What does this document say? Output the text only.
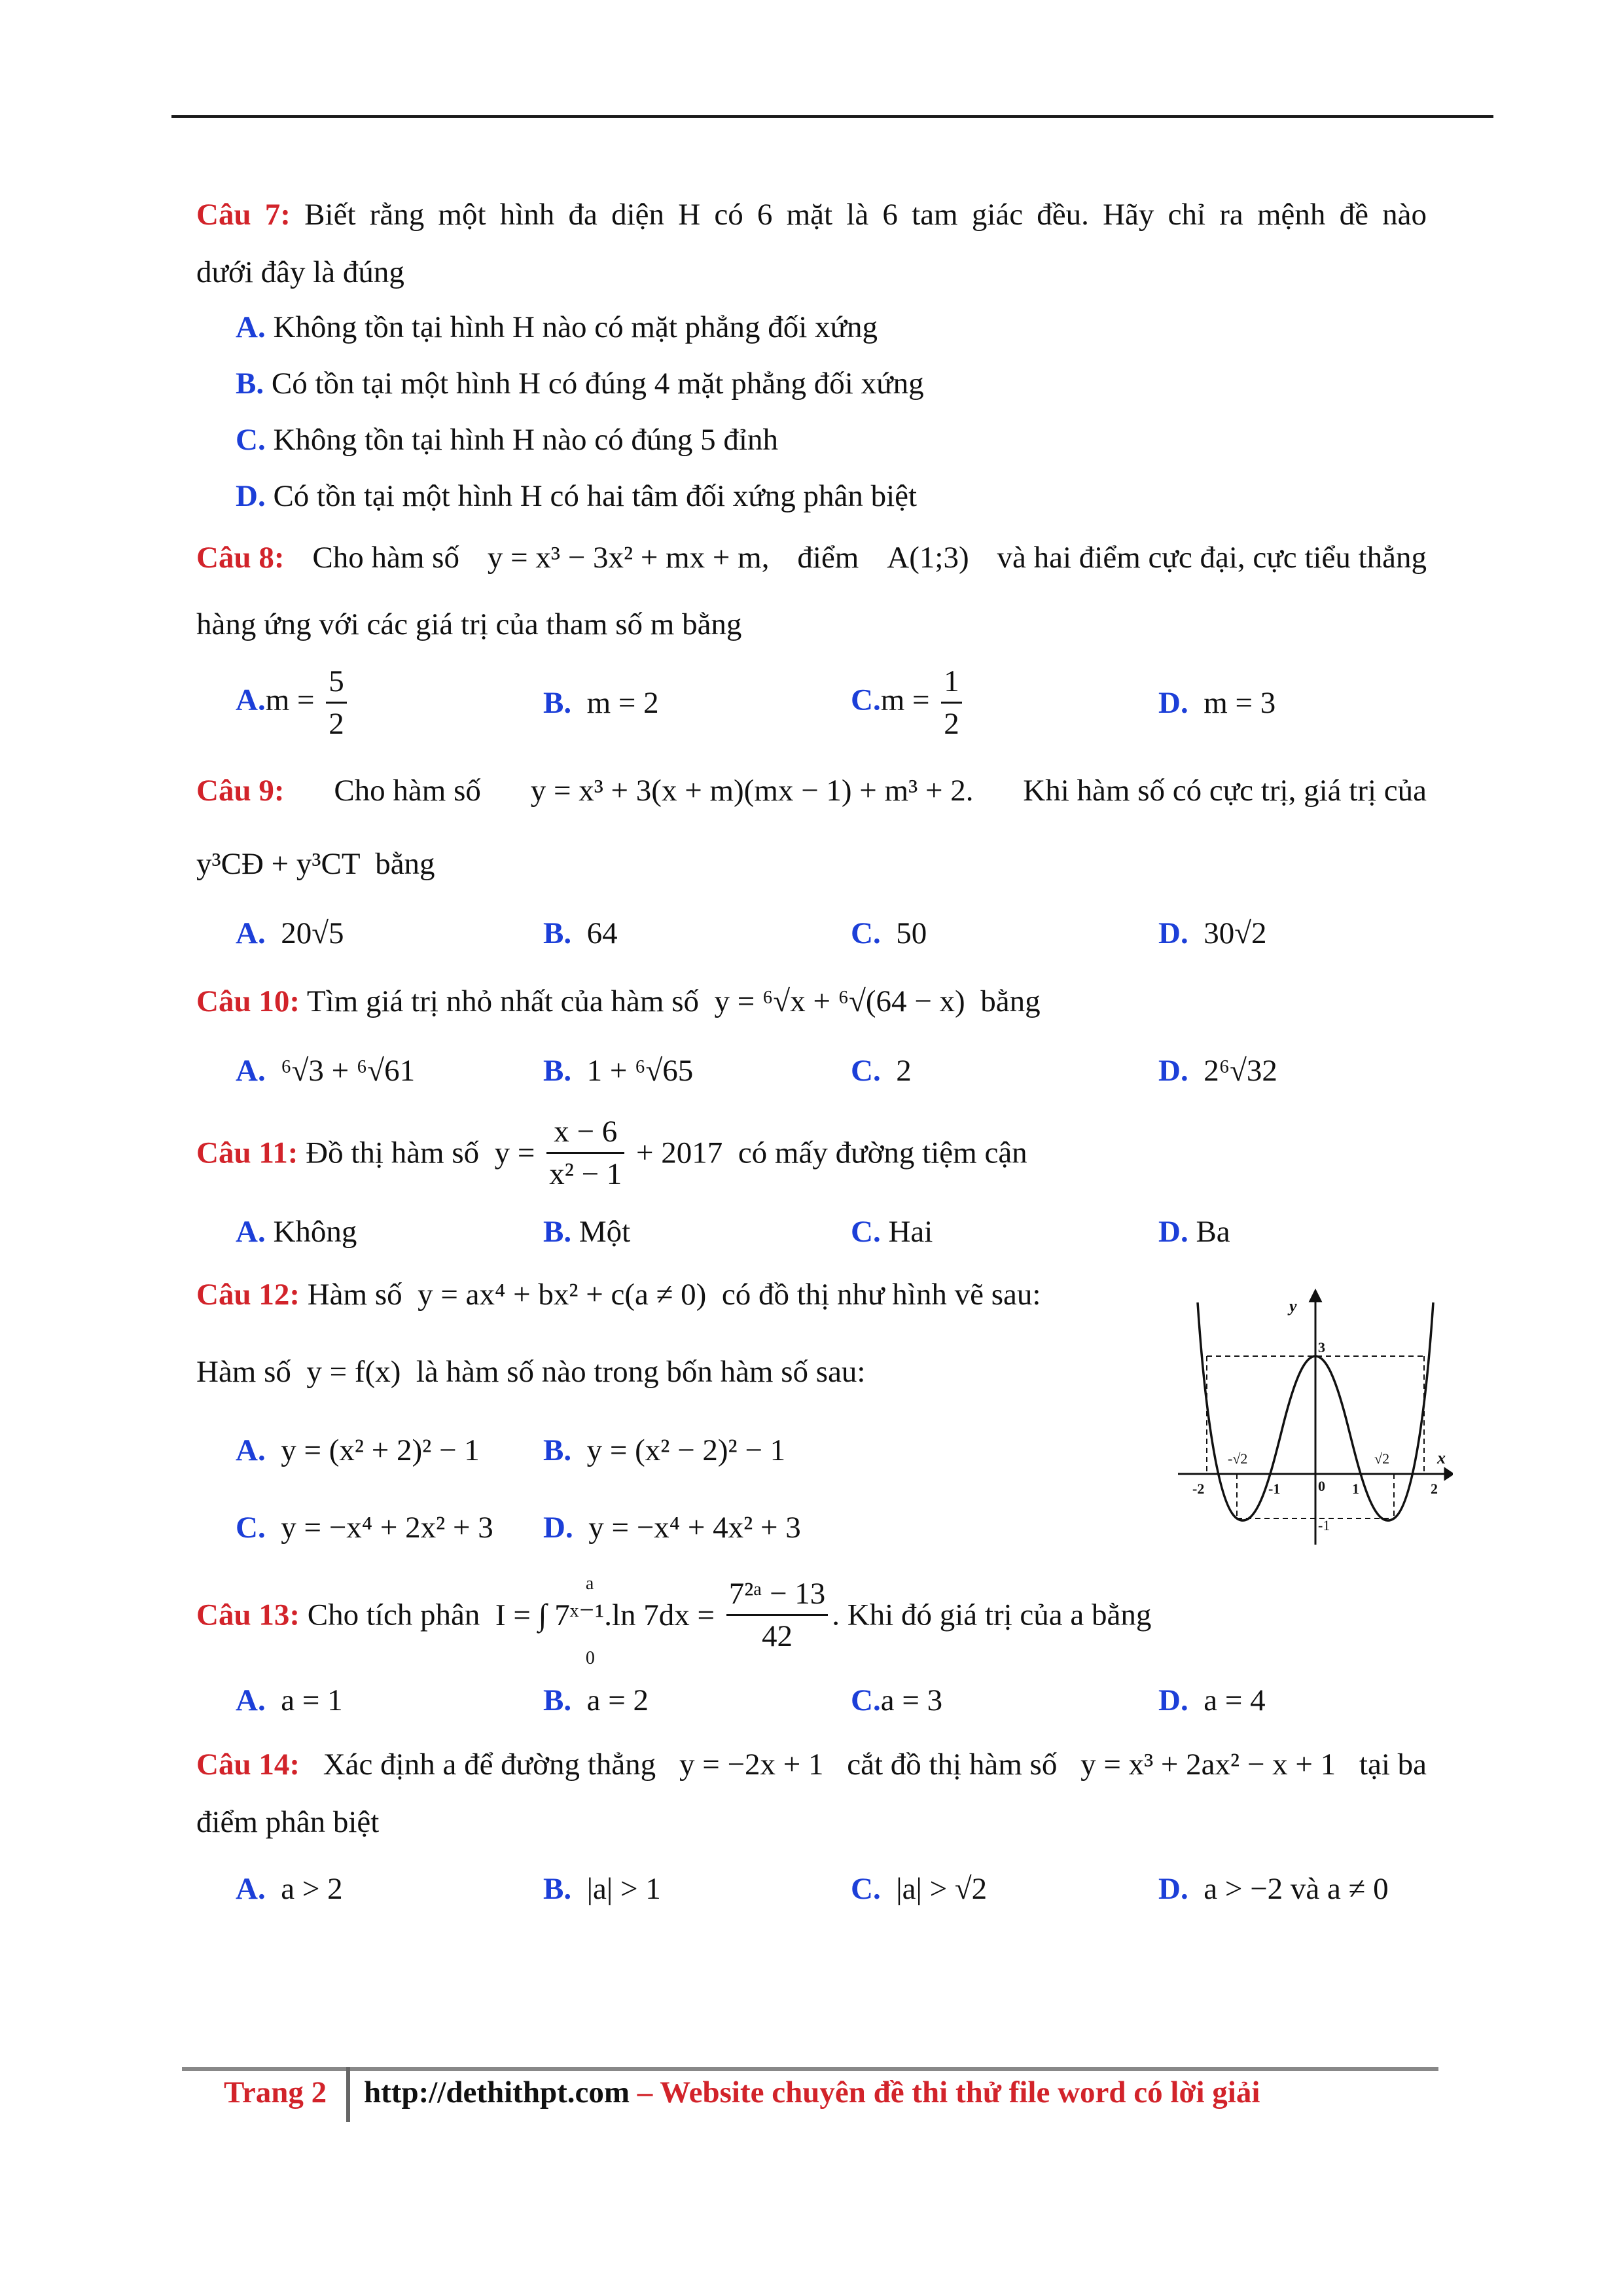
Câu 7: Biết rằng một hình đa diện H có 6 mặt là 6 tam giác đều. Hãy chỉ ra mệnh đề nào
dưới đây là đúng
A. Không tồn tại hình H nào có mặt phẳng đối xứng
B. Có tồn tại một hình H có đúng 4 mặt phẳng đối xứng
C. Không tồn tại hình H nào có đúng 5 đỉnh
D. Có tồn tại một hình H có hai tâm đối xứng phân biệt
Câu 8: Cho hàm số y = x³ − 3x² + mx + m, điểm A(1;3) và hai điểm cực đại, cực tiểu thẳng
hàng ứng với các giá trị của tham số m bằng
$A.m = \frac{5}{2}$	B. m = 2	$C.m = \frac{1}{2}$	D. m = 3
Câu 9: Cho hàm số y = x³ + 3(x + m)(mx − 1) + m³ + 2. Khi hàm số có cực trị, giá trị của
y³CĐ + y³CT bằng
A. 20√5	B. 64	C. 50	D. 30√2
Câu 10: Tìm giá trị nhỏ nhất của hàm số y = ⁶√x + ⁶√(64 − x) bằng
A. ⁶√3 + ⁶√61	B. 1 + ⁶√65	C. 2	D. 2⁶√32
Câu 11: Đồ thị hàm số $y = \frac{x - 6}{\text{x² − 1}} + 2017$ có mấy đường tiệm cận
A. Không	B. Một	C. Hai	D. Ba
Câu 12: Hàm số y = ax⁴ + bx² + c(a ≠ 0) có đồ thị như hình vẽ sau:
Hàm số y = f(x) là hàm số nào trong bốn hàm số sau:
A. y = (x² + 2)² − 1 B. y = (x² − 2)² − 1
C. y = −x⁴ + 2x² + 3 D. y = −x⁴ + 4x² + 3
y
x
3
-1
-2
-√2
-1	0 1
√2
2
Câu 13: Cho tích phân I = ∫ 7ˣ⁻¹.ln 7dx =
a
0

$\frac{\text{7²ᵃ − 13}}{42}$ . Khi đó giá trị của a bằng
A. a = 1	B. a = 2	C.a = 3	D. a = 4
Câu 14: Xác định a để đường thẳng y = −2x + 1 cắt đồ thị hàm số y = x³ + 2ax² − x + 1 tại ba
điểm phân biệt
A. a > 2	B. |a| > 1	C. |a| > √2	D. a > −2 và a ≠ 0
Trang 2 http://dethithpt.com – Website chuyên đề thi thử file word có lời giải
